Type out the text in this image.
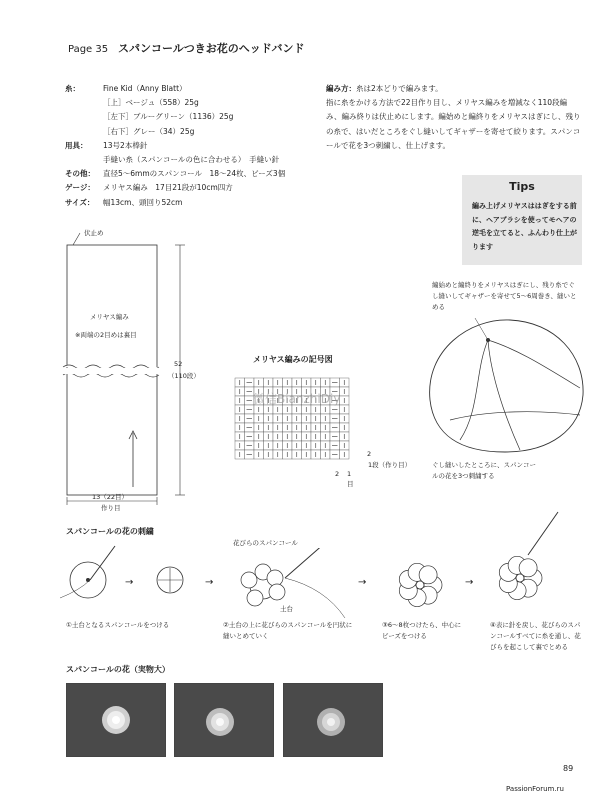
Page 35 スパンコールつきお花のヘッドバンド
糸：	Fine Kid（Anny Blatt）
［上］ベージュ（558）25g
［左下］ブルーグリーン（1136）25g
［右下］グレー（34）25g
用具：	13号2本棒針
手縫い糸（スパンコールの色に合わせる）　手縫い針
その他：	直径5～6mmのスパンコール　18～24枚、ビーズ3個
ゲージ：	メリヤス編み　17目21段が10cm四方
サイズ：	幅13cm、頭回り52cm
編み方：糸は2本どりで編みます。
指に糸をかける方法で22目作り目し、メリヤス編みを増減なく110段編み、編み終りは伏止めにします。編始めと編終りをメリヤスはぎにし、残りの糸で、はいだところをぐし縫いしてギャザーを寄せて絞ります。スパンコールで花を3つ刺繍し、仕上げます。
Tips
編み上げメリヤスははぎをする前に、ヘアブラシを使ってモヘアの逆毛を立てると、ふんわり仕上がります
伏止め
メリヤス編み
※両端の2目めは裏目
52
（110段）
13（22目）
作り目
メリヤス編みの記号図
2
1段（作り目）
2 1
目
微信BianzhiDiy
編始めと編終りをメリヤスはぎにし、残り糸でぐし縫いしてギャザーを寄せて5～6周巻き、縫いとめる
ぐし縫いしたところに、スパンコールの花を3つ刺繍する
スパンコールの花の刺繍
花びらのスパンコール
→	→
土台
→	→
①土台となるスパンコールをつける	②土台の上に花びらのスパンコールを円状に縫いとめていく
③6～8枚つけたら、中心にビーズをつける
④表に針を戻し、花びらのスパンコールすべてに糸を通し、花びらを起こして裏でとめる
スパンコールの花（実物大）
89
PassionForum.ru
